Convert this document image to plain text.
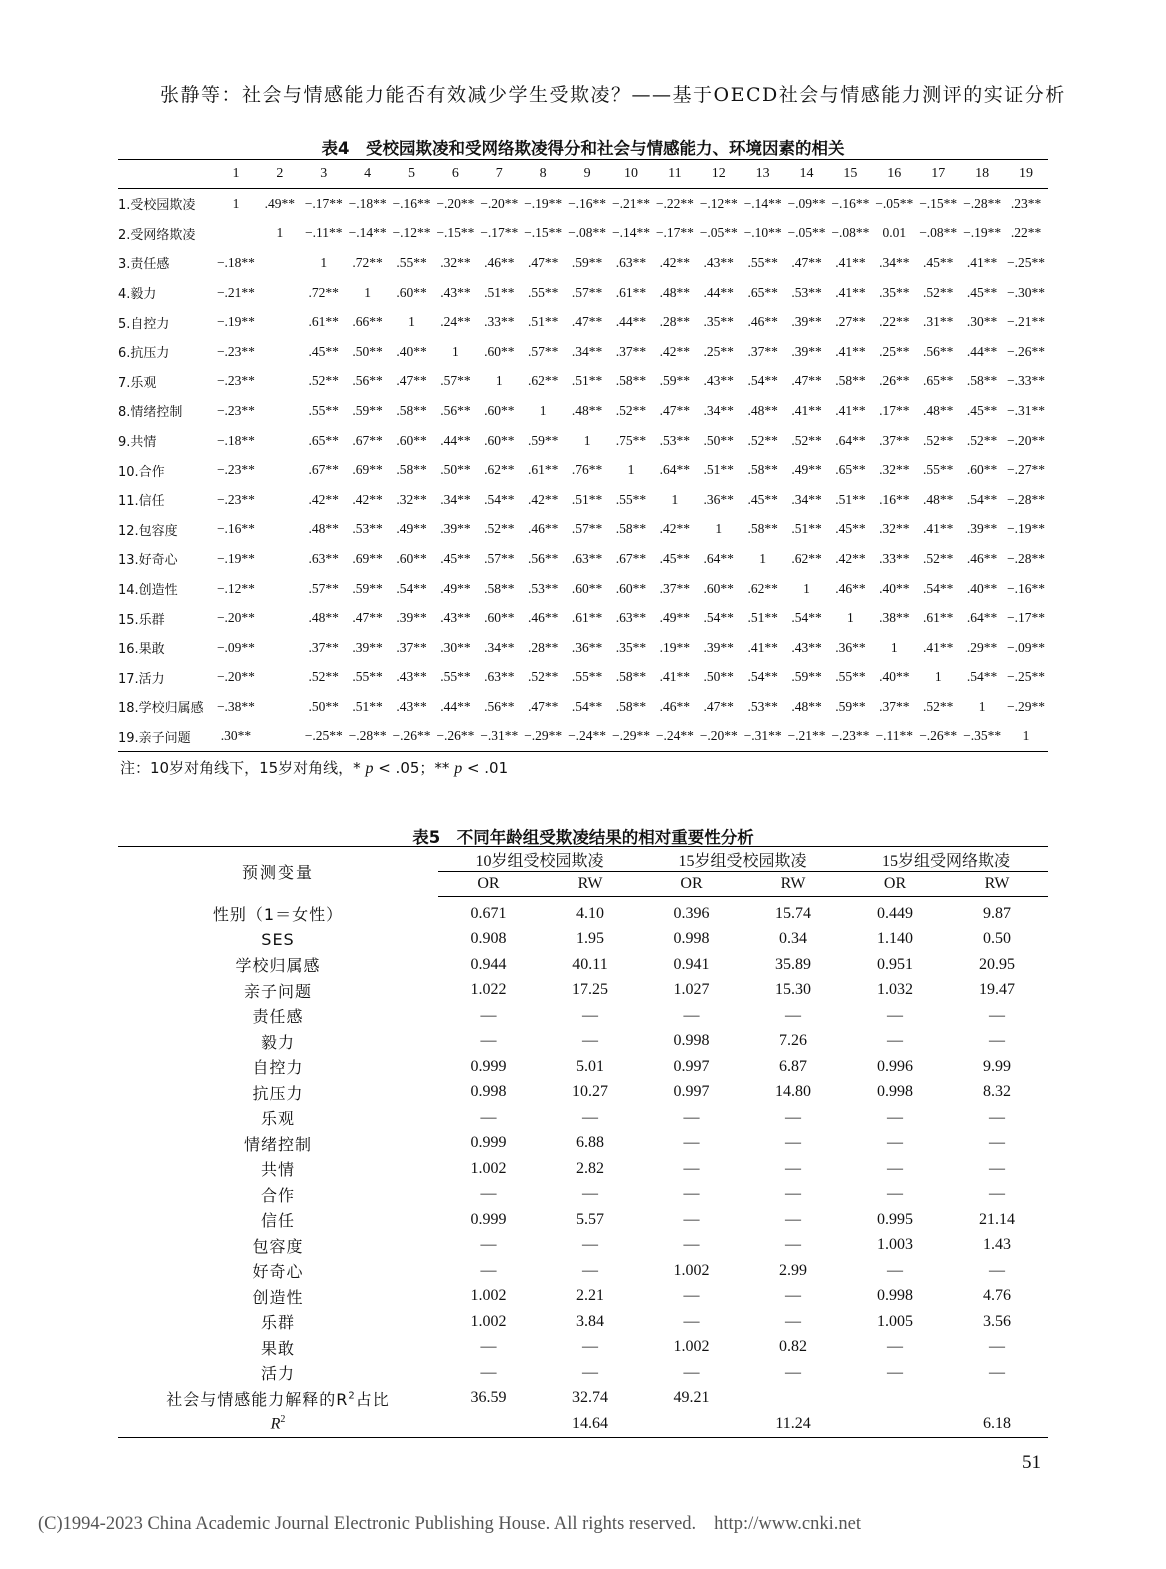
张静等：社会与情感能力能否有效减少学生受欺凌？——基于OECD社会与情感能力测评的实证分析
表4　受校园欺凌和受网络欺凌得分和社会与情感能力、环境因素的相关
	1	2	3	4	5	6	7	8	9	10	11	12	13	14	15	16	17	18	19
1.受校园欺凌	1	.49**	−.17**	−.18**	−.16**	−.20**	−.20**	−.19**	−.16**	−.21**	−.22**	−.12**	−.14**	−.09**	−.16**	−.05**	−.15**	−.28**	.23**
2.受网络欺凌		1	−.11**	−.14**	−.12**	−.15**	−.17**	−.15**	−.08**	−.14**	−.17**	−.05**	−.10**	−.05**	−.08**	0.01	−.08**	−.19**	.22**
3.责任感	−.18**		1	.72**	.55**	.32**	.46**	.47**	.59**	.63**	.42**	.43**	.55**	.47**	.41**	.34**	.45**	.41**	−.25**
4.毅力	−.21**		.72**	1	.60**	.43**	.51**	.55**	.57**	.61**	.48**	.44**	.65**	.53**	.41**	.35**	.52**	.45**	−.30**
5.自控力	−.19**		.61**	.66**	1	.24**	.33**	.51**	.47**	.44**	.28**	.35**	.46**	.39**	.27**	.22**	.31**	.30**	−.21**
6.抗压力	−.23**		.45**	.50**	.40**	1	.60**	.57**	.34**	.37**	.42**	.25**	.37**	.39**	.41**	.25**	.56**	.44**	−.26**
7.乐观	−.23**		.52**	.56**	.47**	.57**	1	.62**	.51**	.58**	.59**	.43**	.54**	.47**	.58**	.26**	.65**	.58**	−.33**
8.情绪控制	−.23**		.55**	.59**	.58**	.56**	.60**	1	.48**	.52**	.47**	.34**	.48**	.41**	.41**	.17**	.48**	.45**	−.31**
9.共情	−.18**		.65**	.67**	.60**	.44**	.60**	.59**	1	.75**	.53**	.50**	.52**	.52**	.64**	.37**	.52**	.52**	−.20**
10.合作	−.23**		.67**	.69**	.58**	.50**	.62**	.61**	.76**	1	.64**	.51**	.58**	.49**	.65**	.32**	.55**	.60**	−.27**
11.信任	−.23**		.42**	.42**	.32**	.34**	.54**	.42**	.51**	.55**	1	.36**	.45**	.34**	.51**	.16**	.48**	.54**	−.28**
12.包容度	−.16**		.48**	.53**	.49**	.39**	.52**	.46**	.57**	.58**	.42**	1	.58**	.51**	.45**	.32**	.41**	.39**	−.19**
13.好奇心	−.19**		.63**	.69**	.60**	.45**	.57**	.56**	.63**	.67**	.45**	.64**	1	.62**	.42**	.33**	.52**	.46**	−.28**
14.创造性	−.12**		.57**	.59**	.54**	.49**	.58**	.53**	.60**	.60**	.37**	.60**	.62**	1	.46**	.40**	.54**	.40**	−.16**
15.乐群	−.20**		.48**	.47**	.39**	.43**	.60**	.46**	.61**	.63**	.49**	.54**	.51**	.54**	1	.38**	.61**	.64**	−.17**
16.果敢	−.09**		.37**	.39**	.37**	.30**	.34**	.28**	.36**	.35**	.19**	.39**	.41**	.43**	.36**	1	.41**	.29**	−.09**
17.活力	−.20**		.52**	.55**	.43**	.55**	.63**	.52**	.55**	.58**	.41**	.50**	.54**	.59**	.55**	.40**	1	.54**	−.25**
18.学校归属感	−.38**		.50**	.51**	.43**	.44**	.56**	.47**	.54**	.58**	.46**	.47**	.53**	.48**	.59**	.37**	.52**	1	−.29**
19.亲子问题	.30**		−.25**	−.28**	−.26**	−.26**	−.31**	−.29**	−.24**	−.29**	−.24**	−.20**	−.31**	−.21**	−.23**	−.11**	−.26**	−.35**	1
注：10岁对角线下，15岁对角线，* p < .05；** p < .01
表5　不同年龄组受欺凌结果的相对重要性分析
预测变量	10岁组受校园欺凌		15岁组受校园欺凌		15岁组受网络欺凌	
	OR	RW	OR	RW	OR	RW
性别（1＝女性）	0.671	4.10	0.396	15.74	0.449	9.87
SES	0.908	1.95	0.998	0.34	1.140	0.50
学校归属感	0.944	40.11	0.941	35.89	0.951	20.95
亲子问题	1.022	17.25	1.027	15.30	1.032	19.47
责任感	—	—	—	—	—	—
毅力	—	—	0.998	7.26	—	—
自控力	0.999	5.01	0.997	6.87	0.996	9.99
抗压力	0.998	10.27	0.997	14.80	0.998	8.32
乐观	—	—	—	—	—	—
情绪控制	0.999	6.88	—	—	—	—
共情	1.002	2.82	—	—	—	—
合作	—	—	—	—	—	—
信任	0.999	5.57	—	—	0.995	21.14
包容度	—	—	—	—	1.003	1.43
好奇心	—	—	1.002	2.99	—	—
创造性	1.002	2.21	—	—	0.998	4.76
乐群	1.002	3.84	—	—	1.005	3.56
果敢	—	—	1.002	0.82	—	—
活力	—	—	—	—	—	—
社会与情感能力解释的$R^2$占比	36.59	32.74	49.21			
$R^2$		14.64		11.24		6.18
51
(C)1994-2023 China Academic Journal Electronic Publishing House. All rights reserved. http://www.cnki.net
